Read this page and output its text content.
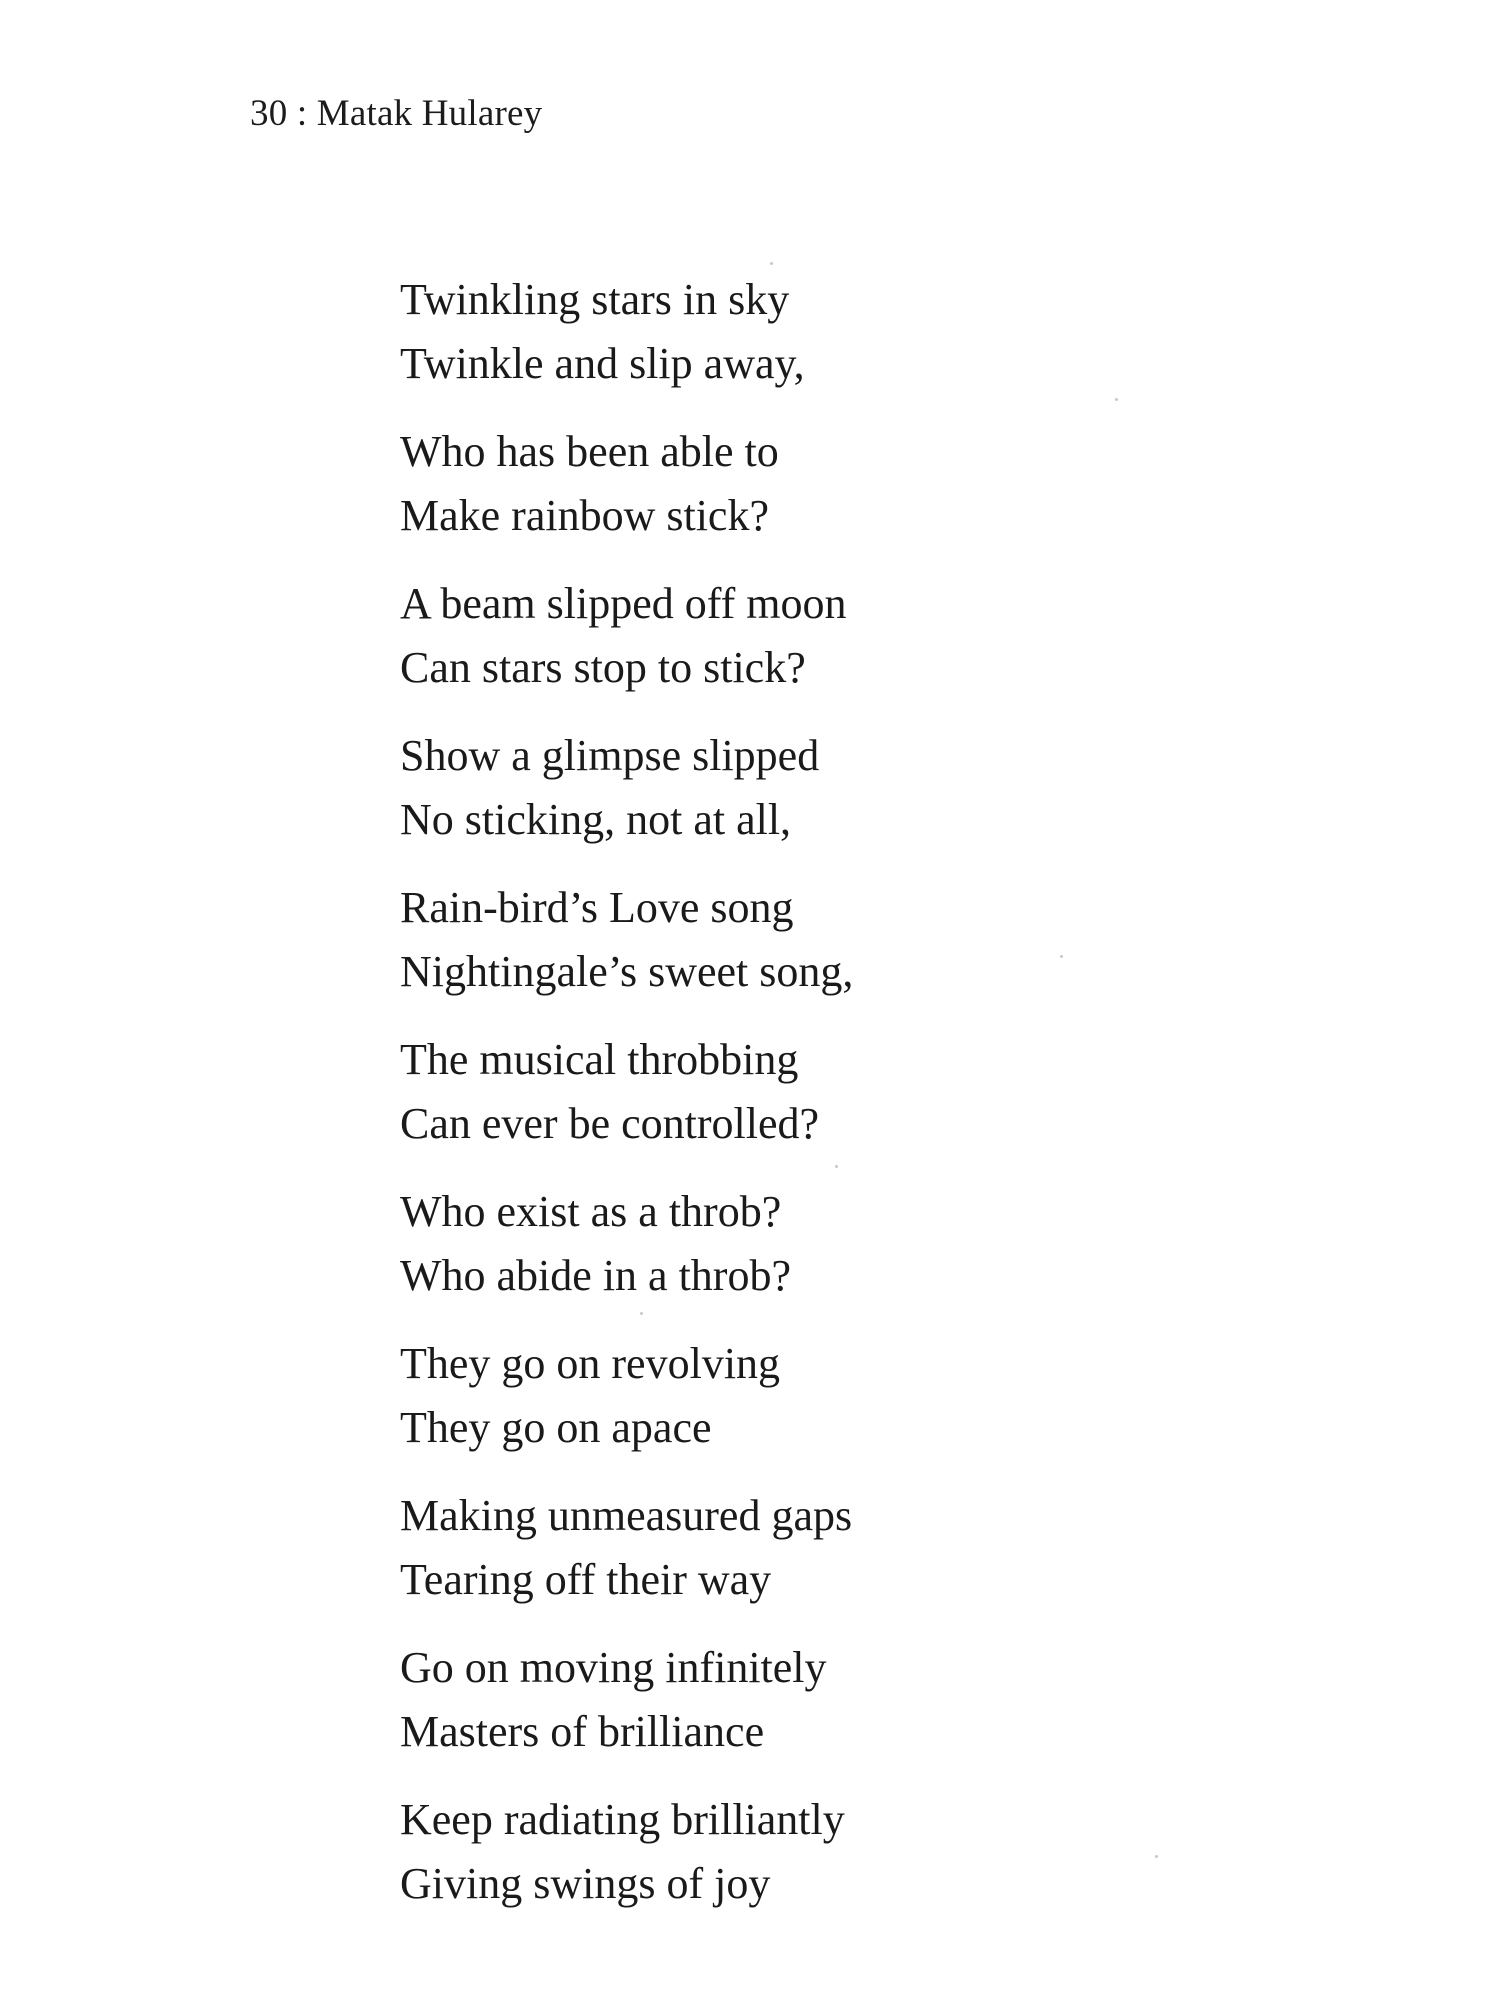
30 : Matak Hularey
Twinkling stars in sky
Twinkle and slip away,
Who has been able to
Make rainbow stick?
A beam slipped off moon
Can stars stop to stick?
Show a glimpse slipped
No sticking, not at all,
Rain-bird’s Love song
Nightingale’s sweet song,
The musical throbbing
Can ever be controlled?
Who exist as a throb?
Who abide in a throb?
They go on revolving
They go on apace
Making unmeasured gaps
Tearing off their way
Go on moving infinitely
Masters of brilliance
Keep radiating brilliantly
Giving swings of joy
